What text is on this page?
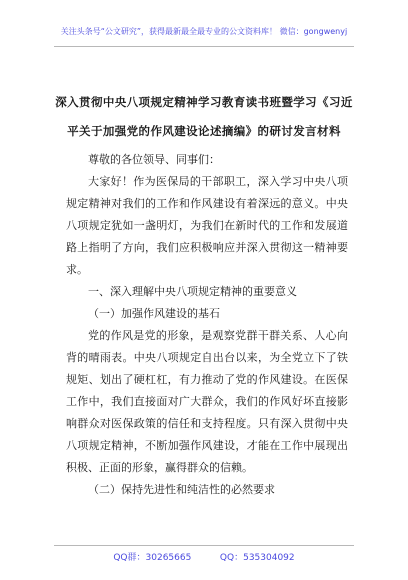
关注头条号“公文研究”，获得最新最全最专业的公文资料库！ 微信：gongwenyj
深入贯彻中央八项规定精神学习教育读书班暨学习《习近
平关于加强党的作风建设论述摘编》的研讨发言材料

尊敬的各位领导、同事们：

大家好！作为医保局的干部职工，深入学习中央八项规定精神对我们的工作和作风建设有着深远的意义。中央八项规定犹如一盏明灯，为我们在新时代的工作和发展道路上指明了方向，我们应积极响应并深入贯彻这一精神要求。

一、深入理解中央八项规定精神的重要意义

（一）加强作风建设的基石

党的作风是党的形象，是观察党群干群关系、人心向背的晴雨表。中央八项规定自出台以来，为全党立下了铁规矩、划出了硬杠杠，有力推动了党的作风建设。在医保工作中，我们直接面对广大群众，我们的作风好坏直接影响群众对医保政策的信任和支持程度。只有深入贯彻中央八项规定精神，不断加强作风建设，才能在工作中展现出积极、正面的形象，赢得群众的信赖。

（二）保持先进性和纯洁性的必然要求

QQ群：30265665          QQ：535304092
